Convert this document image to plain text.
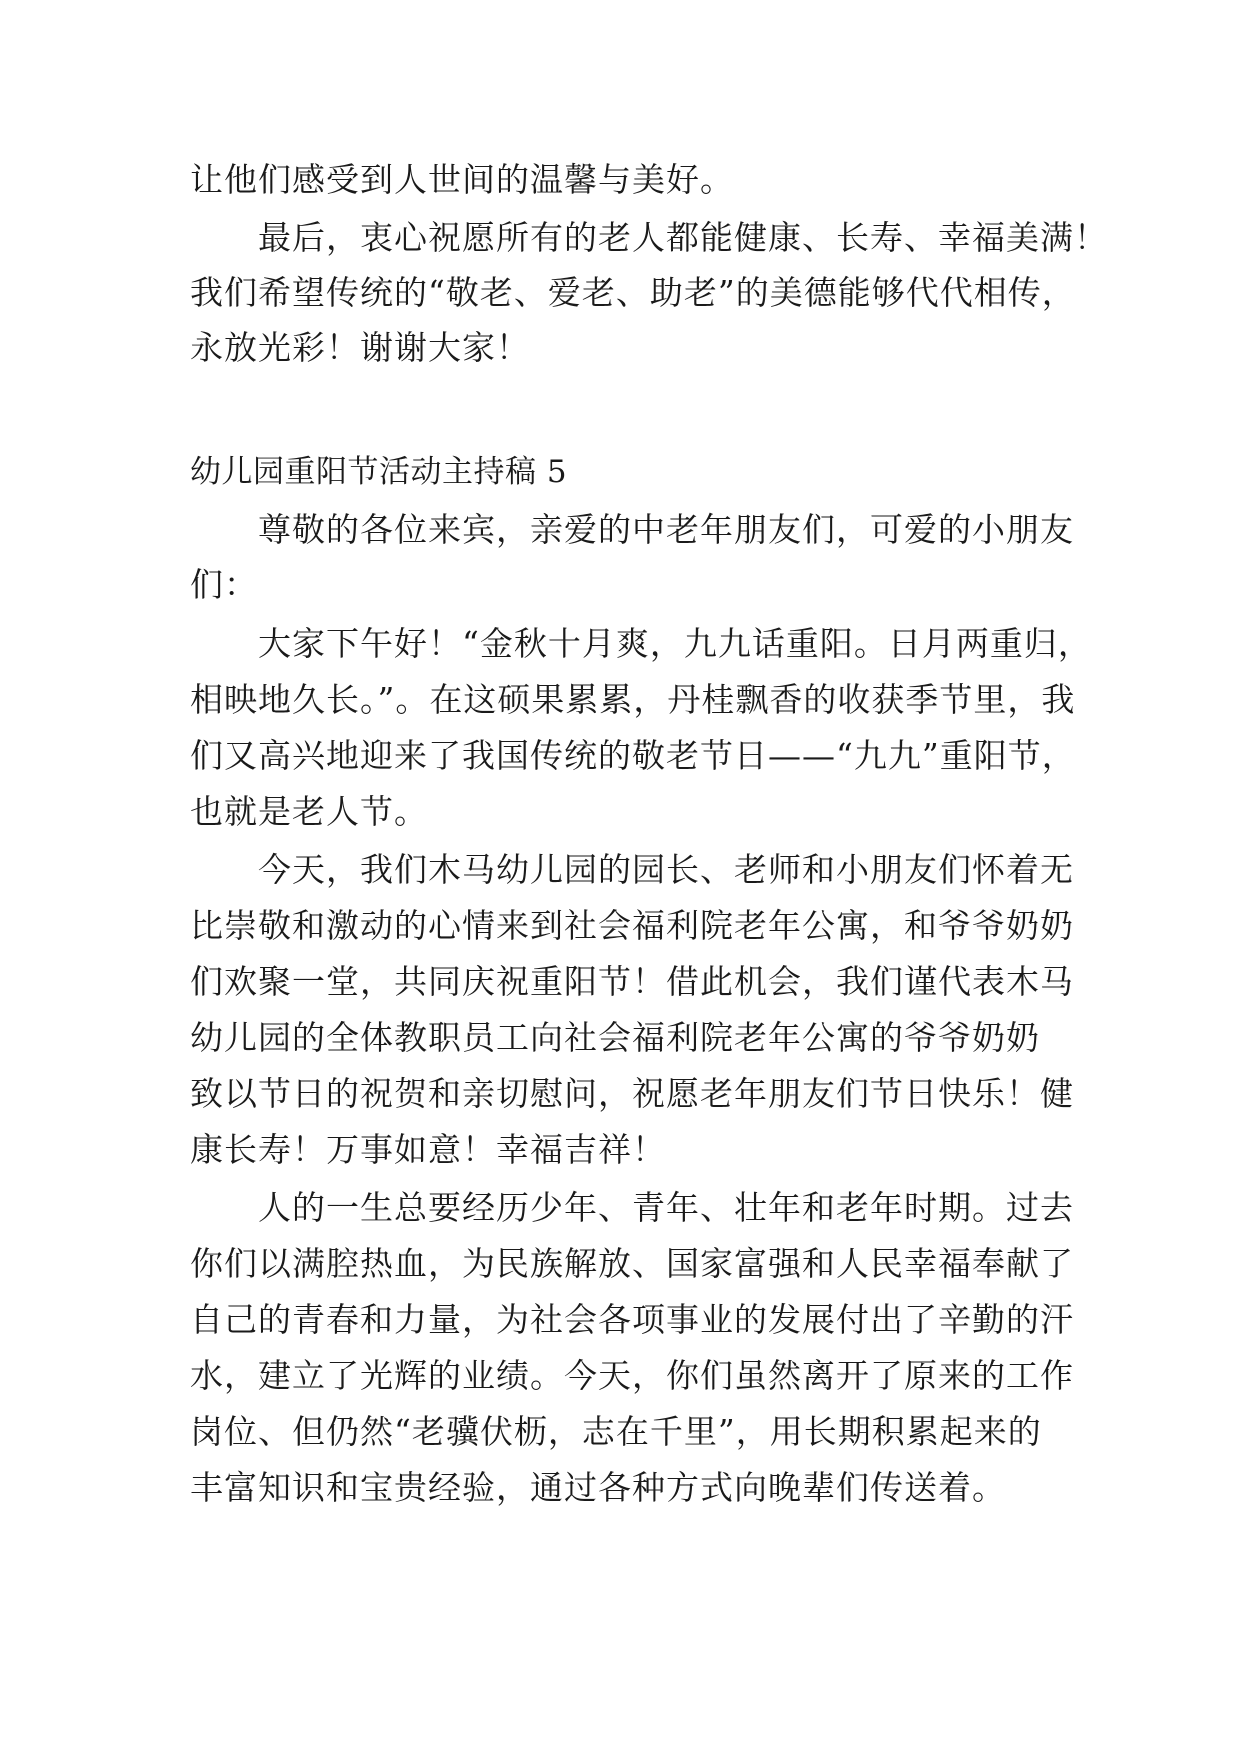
让他们感受到人世间的温馨与美好。
最后，衷心祝愿所有的老人都能健康、长寿、幸福美满！
我们希望传统的“敬老、爱老、助老”的美德能够代代相传，
永放光彩！谢谢大家！
幼儿园重阳节活动主持稿 5
尊敬的各位来宾，亲爱的中老年朋友们，可爱的小朋友
们：
大家下午好！“金秋十月爽，九九话重阳。日月两重归，
相映地久长。”。在这硕果累累，丹桂飘香的收获季节里，我
们又高兴地迎来了我国传统的敬老节日——“九九”重阳节，
也就是老人节。
今天，我们木马幼儿园的园长、老师和小朋友们怀着无
比崇敬和激动的心情来到社会福利院老年公寓，和爷爷奶奶
们欢聚一堂，共同庆祝重阳节！借此机会，我们谨代表木马
幼儿园的全体教职员工向社会福利院老年公寓的爷爷奶奶
致以节日的祝贺和亲切慰问，祝愿老年朋友们节日快乐！健
康长寿！万事如意！幸福吉祥！
人的一生总要经历少年、青年、壮年和老年时期。过去
你们以满腔热血，为民族解放、国家富强和人民幸福奉献了
自己的青春和力量，为社会各项事业的发展付出了辛勤的汗
水，建立了光辉的业绩。今天，你们虽然离开了原来的工作
岗位、但仍然“老骥伏枥，志在千里”，用长期积累起来的
丰富知识和宝贵经验，通过各种方式向晚辈们传送着。
